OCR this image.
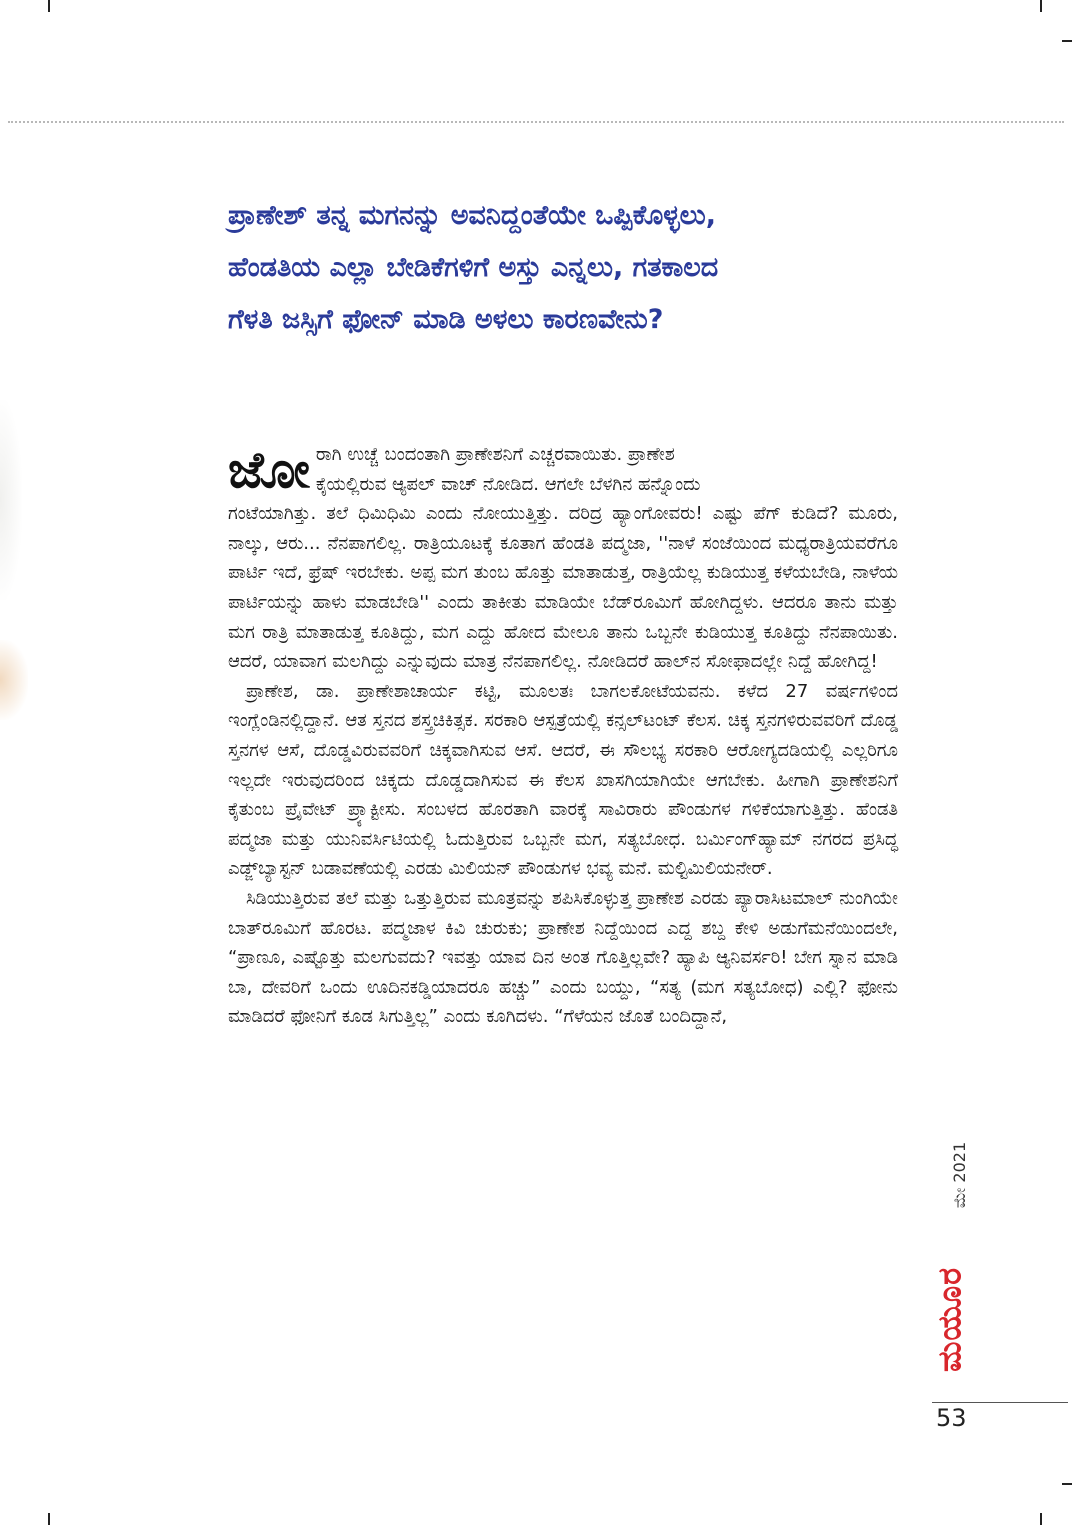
ಪ್ರಾಣೇಶ್ ತನ್ನ ಮಗನನ್ನು ಅವನಿದ್ದಂತೆಯೇ ಒಪ್ಪಿಕೊಳ್ಳಲು,
ಹೆಂಡತಿಯ ಎಲ್ಲಾ ಬೇಡಿಕೆಗಳಿಗೆ ಅಸ್ತು ಎನ್ನಲು, ಗತಕಾಲದ
ಗೆಳತಿ ಜಸ್ಸಿಗೆ ಫೋನ್ ಮಾಡಿ ಅಳಲು ಕಾರಣವೇನು?

ಜೋ ರಾಗಿ ಉಚ್ಚೆ ಬಂದಂತಾಗಿ ಪ್ರಾಣೇಶನಿಗೆ ಎಚ್ಚರವಾಯಿತು. ಪ್ರಾಣೇಶ
ಕೈಯಲ್ಲಿರುವ ಆ್ಯಪಲ್ ವಾಚ್ ನೋಡಿದ. ಆಗಲೇ ಬೆಳಗಿನ ಹನ್ನೊಂದು
ಗಂಟೆಯಾಗಿತ್ತು. ತಲೆ ಧಿಮಿಧಿಮಿ ಎಂದು ನೋಯುತ್ತಿತ್ತು. ದರಿದ್ರ ಹ್ಯಾಂಗೋವರು! ಎಷ್ಟು ಪೆಗ್ ಕುಡಿದೆ? ಮೂರು, ನಾಲ್ಕು, ಆರು... ನೆನಪಾಗಲಿಲ್ಲ. ರಾತ್ರಿಯೂಟಕ್ಕೆ ಕೂತಾಗ ಹೆಂಡತಿ ಪದ್ಮಜಾ, ''ನಾಳೆ ಸಂಜೆಯಿಂದ ಮಧ್ಯರಾತ್ರಿಯವರೆಗೂ ಪಾರ್ಟಿ ಇದೆ, ಫ್ರೆಷ್ ಇರಬೇಕು. ಅಪ್ಪ ಮಗ ತುಂಬ ಹೊತ್ತು ಮಾತಾಡುತ್ತ, ರಾತ್ರಿಯೆಲ್ಲ ಕುಡಿಯುತ್ತ ಕಳೆಯಬೇಡಿ, ನಾಳೆಯ ಪಾರ್ಟಿಯನ್ನು ಹಾಳು ಮಾಡಬೇಡಿ'' ಎಂದು ತಾಕೀತು ಮಾಡಿಯೇ ಬೆಡ್‌ರೂಮಿಗೆ ಹೋಗಿದ್ದಳು. ಆದರೂ ತಾನು ಮತ್ತು ಮಗ ರಾತ್ರಿ ಮಾತಾಡುತ್ತ ಕೂತಿದ್ದು, ಮಗ ಎದ್ದು ಹೋದ ಮೇಲೂ ತಾನು ಒಬ್ಬನೇ ಕುಡಿಯುತ್ತ ಕೂತಿದ್ದು ನೆನಪಾಯಿತು. ಆದರೆ, ಯಾವಾಗ ಮಲಗಿದ್ದು ಎನ್ನುವುದು ಮಾತ್ರ ನೆನಪಾಗಲಿಲ್ಲ. ನೋಡಿದರೆ ಹಾಲ್‌ನ ಸೋಫಾದಲ್ಲೇ ನಿದ್ದೆ ಹೋಗಿದ್ದ!

ಪ್ರಾಣೇಶ, ಡಾ. ಪ್ರಾಣೇಶಾಚಾರ್ಯ ಕಟ್ಟಿ, ಮೂಲತಃ ಬಾಗಲಕೋಟೆಯವನು. ಕಳೆದ 27 ವರ್ಷಗಳಿಂದ ಇಂಗ್ಲೆಂಡಿನಲ್ಲಿದ್ದಾನೆ. ಆತ ಸ್ತನದ ಶಸ್ತ್ರಚಿಕಿತ್ಸಕ. ಸರಕಾರಿ ಆಸ್ಪತ್ರೆಯಲ್ಲಿ ಕನ್ಸಲ್‌ಟಂಟ್ ಕೆಲಸ. ಚಿಕ್ಕ ಸ್ತನಗಳಿರುವವರಿಗೆ ದೊಡ್ಡ ಸ್ತನಗಳ ಆಸೆ, ದೊಡ್ಡವಿರುವವರಿಗೆ ಚಿಕ್ಕವಾಗಿಸುವ ಆಸೆ. ಆದರೆ, ಈ ಸೌಲಭ್ಯ ಸರಕಾರಿ ಆರೋಗ್ಯದಡಿಯಲ್ಲಿ ಎಲ್ಲರಿಗೂ ಇಲ್ಲದೇ ಇರುವುದರಿಂದ ಚಿಕ್ಕದು ದೊಡ್ಡದಾಗಿಸುವ ಈ ಕೆಲಸ ಖಾಸಗಿಯಾಗಿಯೇ ಆಗಬೇಕು. ಹೀಗಾಗಿ ಪ್ರಾಣೇಶನಿಗೆ ಕೈತುಂಬ ಪ್ರೈವೇಟ್ ಪ್ರ್ಯಾಕ್ಟೀಸು. ಸಂಬಳದ ಹೊರತಾಗಿ ವಾರಕ್ಕೆ ಸಾವಿರಾರು ಪೌಂಡುಗಳ ಗಳಿಕೆಯಾಗುತ್ತಿತ್ತು. ಹೆಂಡತಿ ಪದ್ಮಜಾ ಮತ್ತು ಯುನಿವರ್ಸಿಟಿಯಲ್ಲಿ ಓದುತ್ತಿರುವ ಒಬ್ಬನೇ ಮಗ, ಸತ್ಯಬೋಧ. ಬರ್ಮಿಂಗ್‌ಹ್ಯಾಮ್ ನಗರದ ಪ್ರಸಿದ್ಧ ಎಡ್ಜ್‌ಬ್ಯಾಸ್ಟನ್ ಬಡಾವಣೆಯಲ್ಲಿ ಎರಡು ಮಿಲಿಯನ್ ಪೌಂಡುಗಳ ಭವ್ಯ ಮನೆ. ಮಲ್ಟಿಮಿಲಿಯನೇರ್.

ಸಿಡಿಯುತ್ತಿರುವ ತಲೆ ಮತ್ತು ಒತ್ತುತ್ತಿರುವ ಮೂತ್ರವನ್ನು ಶಪಿಸಿಕೊಳ್ಳುತ್ತ ಪ್ರಾಣೇಶ ಎರಡು ಪ್ಯಾರಾಸಿಟಮಾಲ್ ನುಂಗಿಯೇ ಬಾತ್‌ರೂಮಿಗೆ ಹೊರಟ. ಪದ್ಮಜಾಳ ಕಿವಿ ಚುರುಕು; ಪ್ರಾಣೇಶ ನಿದ್ದೆಯಿಂದ ಎದ್ದ ಶಬ್ದ ಕೇಳಿ ಅಡುಗೆಮನೆಯಿಂದಲೇ, “ಪ್ರಾಣೂ, ಎಷ್ಟೊತ್ತು ಮಲಗುವದು? ಇವತ್ತು ಯಾವ ದಿನ ಅಂತ ಗೊತ್ತಿಲ್ಲವೇ? ಹ್ಯಾಪಿ ಆ್ಯನಿವರ್ಸರಿ! ಬೇಗ ಸ್ನಾನ ಮಾಡಿ ಬಾ, ದೇವರಿಗೆ ಒಂದು ಊದಿನಕಡ್ಡಿಯಾದರೂ ಹಚ್ಚು” ಎಂದು ಬಯ್ದು, “ಸತ್ಯ (ಮಗ ಸತ್ಯಬೋಧ) ಎಲ್ಲಿ? ಫೋನು ಮಾಡಿದರೆ ಫೋನಿಗೆ ಕೂಡ ಸಿಗುತ್ತಿಲ್ಲ” ಎಂದು ಕೂಗಿದಳು. “ಗೆಳೆಯನ ಜೊತೆ ಬಂದಿದ್ದಾನೆ,

ಮೇ 2021
ಮಯೂರ
53
